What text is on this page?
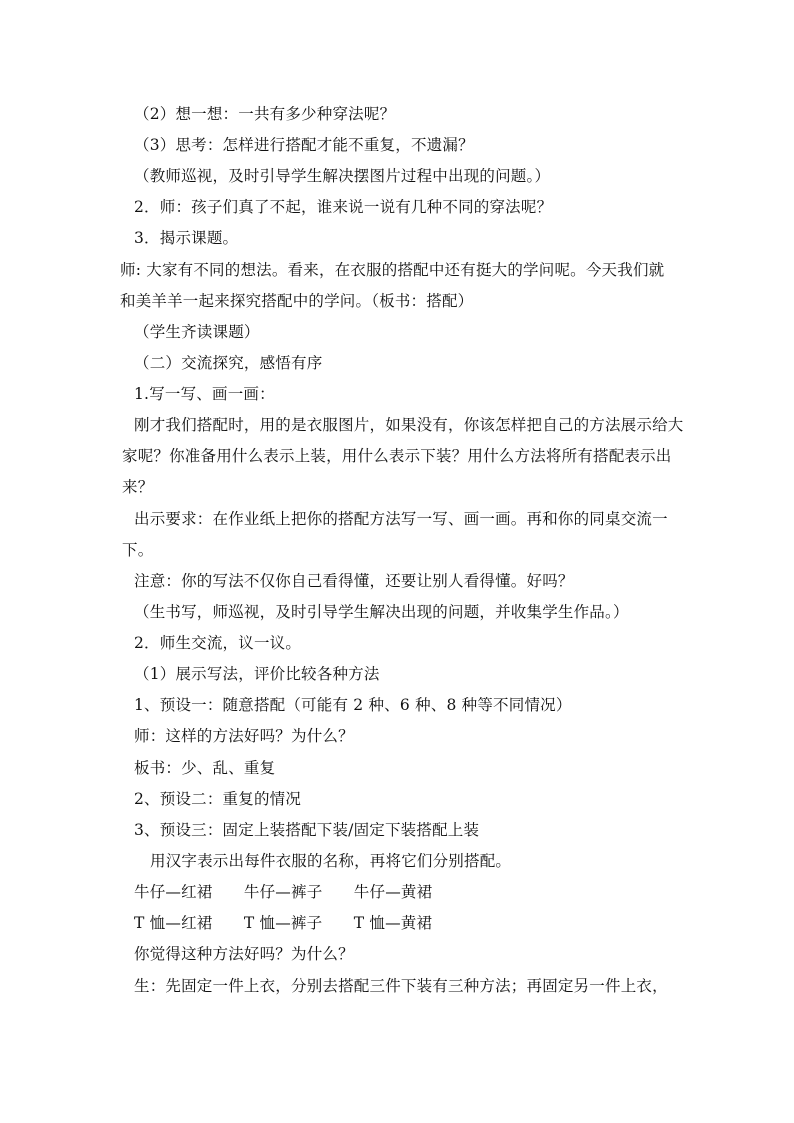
（2）想一想：一共有多少种穿法呢？
（3）思考：怎样进行搭配才能不重复，不遗漏？
（教师巡视，及时引导学生解决摆图片过程中出现的问题。）
2．师：孩子们真了不起，谁来说一说有几种不同的穿法呢？
3．揭示课题。
师: 大家有不同的想法。看来，在衣服的搭配中还有挺大的学问呢。今天我们就
和美羊羊一起来探究搭配中的学问。（板书：搭配）
（学生齐读课题）
（二）交流探究，感悟有序
1.写一写、画一画：
刚才我们搭配时，用的是衣服图片，如果没有，你该怎样把自己的方法展示给大
家呢？你准备用什么表示上装，用什么表示下装？用什么方法将所有搭配表示出
来？
出示要求：在作业纸上把你的搭配方法写一写、画一画。再和你的同桌交流一
下。
注意：你的写法不仅你自己看得懂，还要让别人看得懂。好吗？
（生书写，师巡视，及时引导学生解决出现的问题，并收集学生作品。）
2．师生交流，议一议。
（1）展示写法，评价比较各种方法
1、预设一：随意搭配（可能有 2 种、6 种、8 种等不同情况）
师：这样的方法好吗？为什么？
板书：少、乱、重复
2、预设二：重复的情况
3、预设三：固定上装搭配下装/固定下装搭配上装
用汉字表示出每件衣服的名称，再将它们分别搭配。
牛仔—红裙　　牛仔—裤子　　牛仔—黄裙
T 恤—红裙　　T 恤—裤子　　T 恤—黄裙
你觉得这种方法好吗？为什么？
生：先固定一件上衣，分别去搭配三件下装有三种方法；再固定另一件上衣，
